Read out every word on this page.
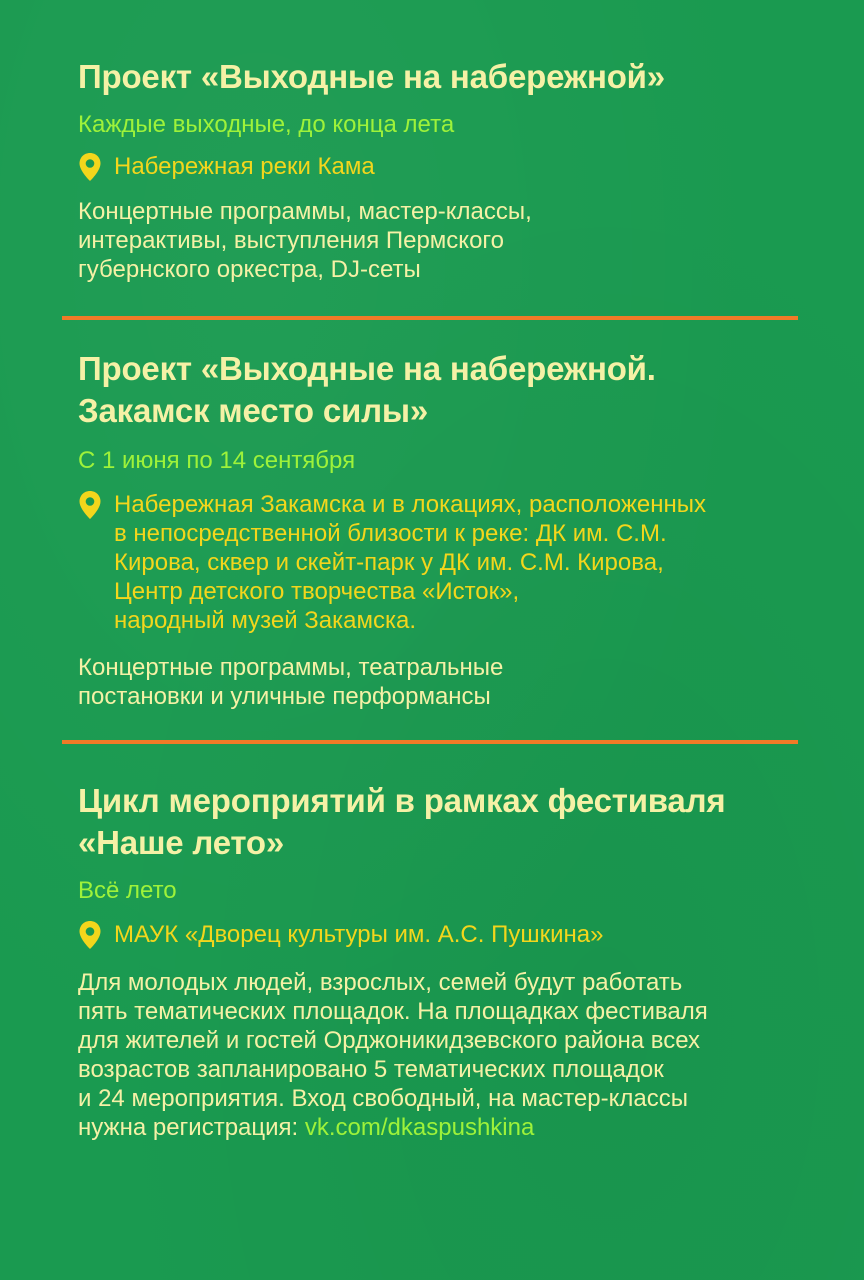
Проект «Выходные на набережной»

Каждые выходные, до конца лета

Набережная реки Кама

Концертные программы, мастер-классы,
интерактивы, выступления Пермского
губернского оркестра, DJ-сеты

Проект «Выходные на набережной.
Закамск место силы»

С 1 июня по 14 сентября

Набережная Закамска и в локациях, расположенных
в непосредственной близости к реке: ДК им. С.М.
Кирова, сквер и скейт-парк у ДК им. С.М. Кирова,
Центр детского творчества «Исток»,
народный музей Закамска.

Концертные программы, театральные
постановки и уличные перформансы

Цикл мероприятий в рамках фестиваля
«Наше лето»

Всё лето

МАУК «Дворец культуры им. А.С. Пушкина»

Для молодых людей, взрослых, семей будут работать
пять тематических площадок. На площадках фестиваля
для жителей и гостей Орджоникидзевского района всех
возрастов запланировано 5 тематических площадок
и 24 мероприятия. Вход свободный, на мастер-классы
нужна регистрация: vk.com/dkaspushkina
